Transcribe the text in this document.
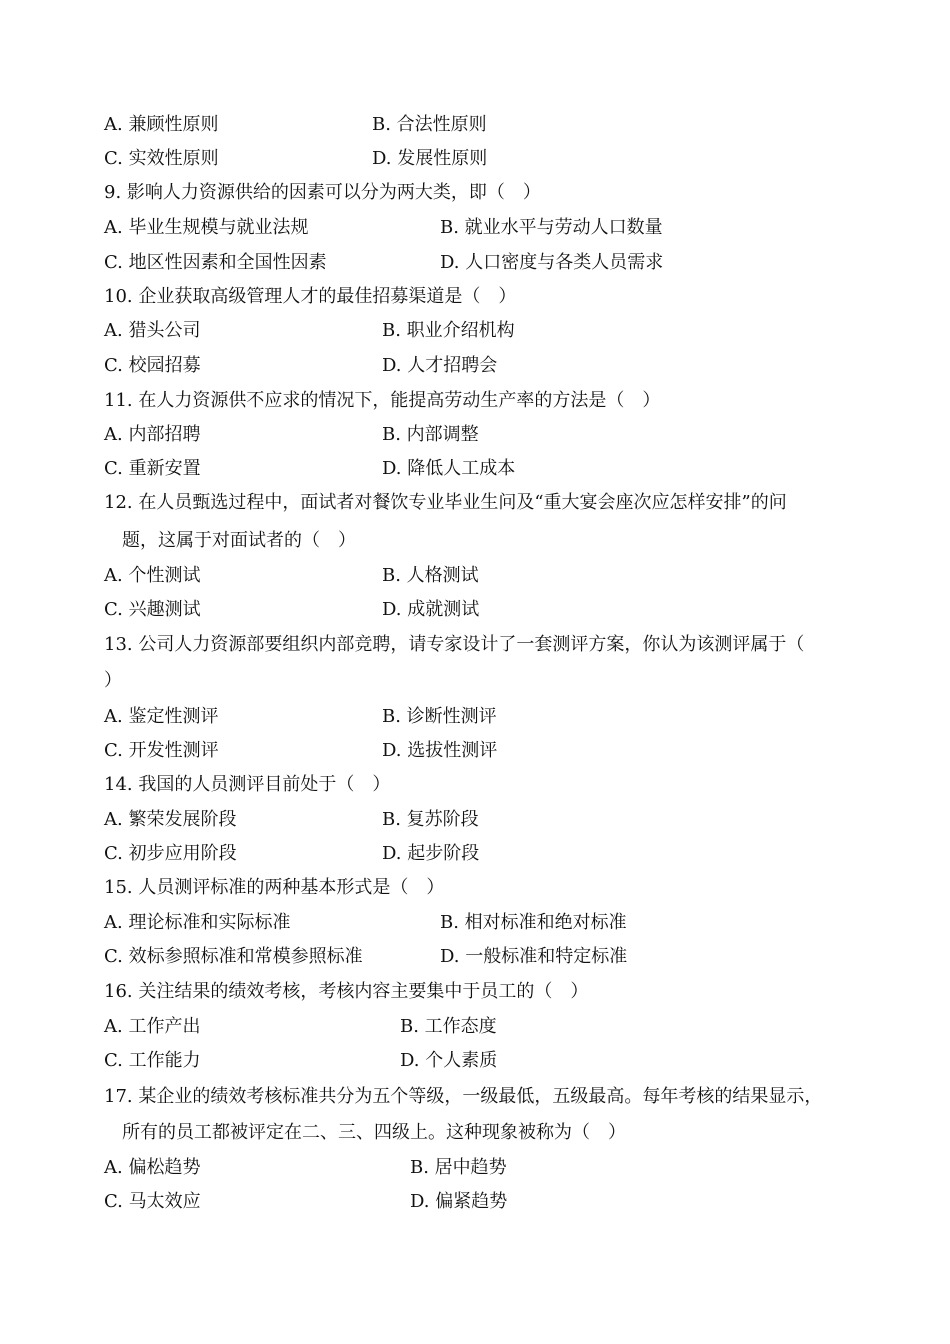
A. 兼顾性原则	B. 合法性原则
C. 实效性原则	D. 发展性原则
9. 影响人力资源供给的因素可以分为两大类，即（　）
A. 毕业生规模与就业法规	B. 就业水平与劳动人口数量
C. 地区性因素和全国性因素	D. 人口密度与各类人员需求
10. 企业获取高级管理人才的最佳招募渠道是（　）
A. 猎头公司	B. 职业介绍机构
C. 校园招募	D. 人才招聘会
11. 在人力资源供不应求的情况下，能提高劳动生产率的方法是（　）
A. 内部招聘	B. 内部调整
C. 重新安置	D. 降低人工成本
12. 在人员甄选过程中，面试者对餐饮专业毕业生问及“重大宴会座次应怎样安排”的问
题，这属于对面试者的（　）
A. 个性测试	B. 人格测试
C. 兴趣测试	D. 成就测试
13. 公司人力资源部要组织内部竞聘，请专家设计了一套测评方案，你认为该测评属于（
）
A. 鉴定性测评	B. 诊断性测评
C. 开发性测评	D. 选拔性测评
14. 我国的人员测评目前处于（　）
A. 繁荣发展阶段	B. 复苏阶段
C. 初步应用阶段	D. 起步阶段
15. 人员测评标准的两种基本形式是（　）
A. 理论标准和实际标准	B. 相对标准和绝对标准
C. 效标参照标准和常模参照标准	D. 一般标准和特定标准
16. 关注结果的绩效考核，考核内容主要集中于员工的（　）
A. 工作产出	B. 工作态度
C. 工作能力	D. 个人素质
17. 某企业的绩效考核标准共分为五个等级，一级最低，五级最高。每年考核的结果显示，
所有的员工都被评定在二、三、四级上。这种现象被称为（　）
A. 偏松趋势	B. 居中趋势
C. 马太效应	D. 偏紧趋势
